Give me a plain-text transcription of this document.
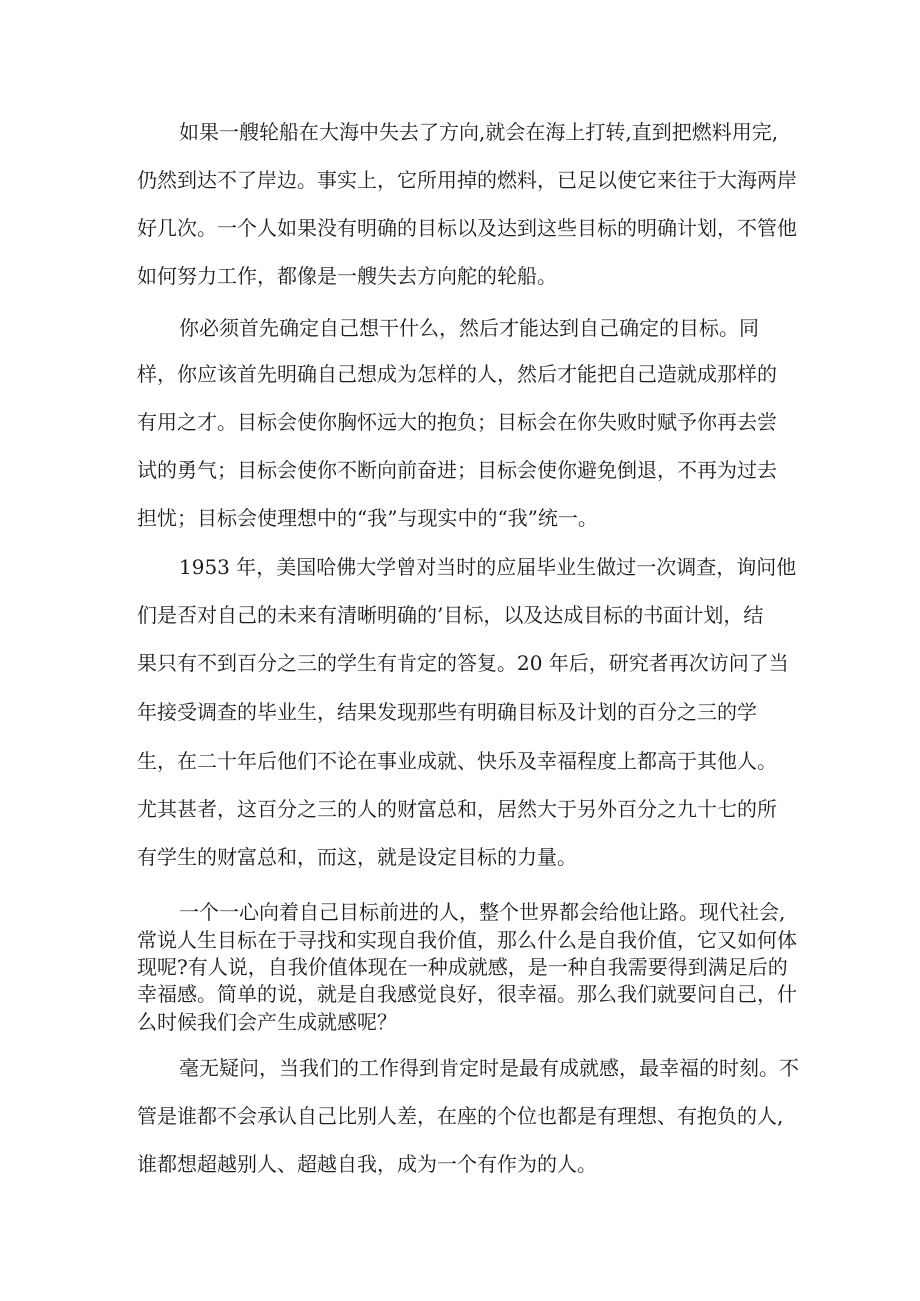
如果一艘轮船在大海中失去了方向,就会在海上打转,直到把燃料用完,

仍然到达不了岸边。事实上，它所用掉的燃料，已足以使它来往于大海两岸

好几次。一个人如果没有明确的目标以及达到这些目标的明确计划，不管他

如何努力工作，都像是一艘失去方向舵的轮船。

你必须首先确定自己想干什么，然后才能达到自己确定的目标。同

样，你应该首先明确自己想成为怎样的人，然后才能把自己造就成那样的

有用之才。目标会使你胸怀远大的抱负；目标会在你失败时赋予你再去尝

试的勇气；目标会使你不断向前奋进；目标会使你避免倒退，不再为过去

担忧；目标会使理想中的“我”与现实中的“我”统一。

1953 年，美国哈佛大学曾对当时的应届毕业生做过一次调查，询问他

们是否对自己的未来有清晰明确的’目标，以及达成目标的书面计划，结

果只有不到百分之三的学生有肯定的答复。20 年后，研究者再次访问了当

年接受调查的毕业生，结果发现那些有明确目标及计划的百分之三的学

生，在二十年后他们不论在事业成就、快乐及幸福程度上都高于其他人。

尤其甚者，这百分之三的人的财富总和，居然大于另外百分之九十七的所

有学生的财富总和，而这，就是设定目标的力量。

一个一心向着自己目标前进的人，整个世界都会给他让路。现代社会,

常说人生目标在于寻找和实现自我价值，那么什么是自我价值，它又如何体

现呢?有人说，自我价值体现在一种成就感，是一种自我需要得到满足后的

幸福感。简单的说，就是自我感觉良好，很幸福。那么我们就要问自己，什

么时候我们会产生成就感呢？

毫无疑问，当我们的工作得到肯定时是最有成就感，最幸福的时刻。不

管是谁都不会承认自己比别人差，在座的个位也都是有理想、有抱负的人,

谁都想超越别人、超越自我，成为一个有作为的人。
